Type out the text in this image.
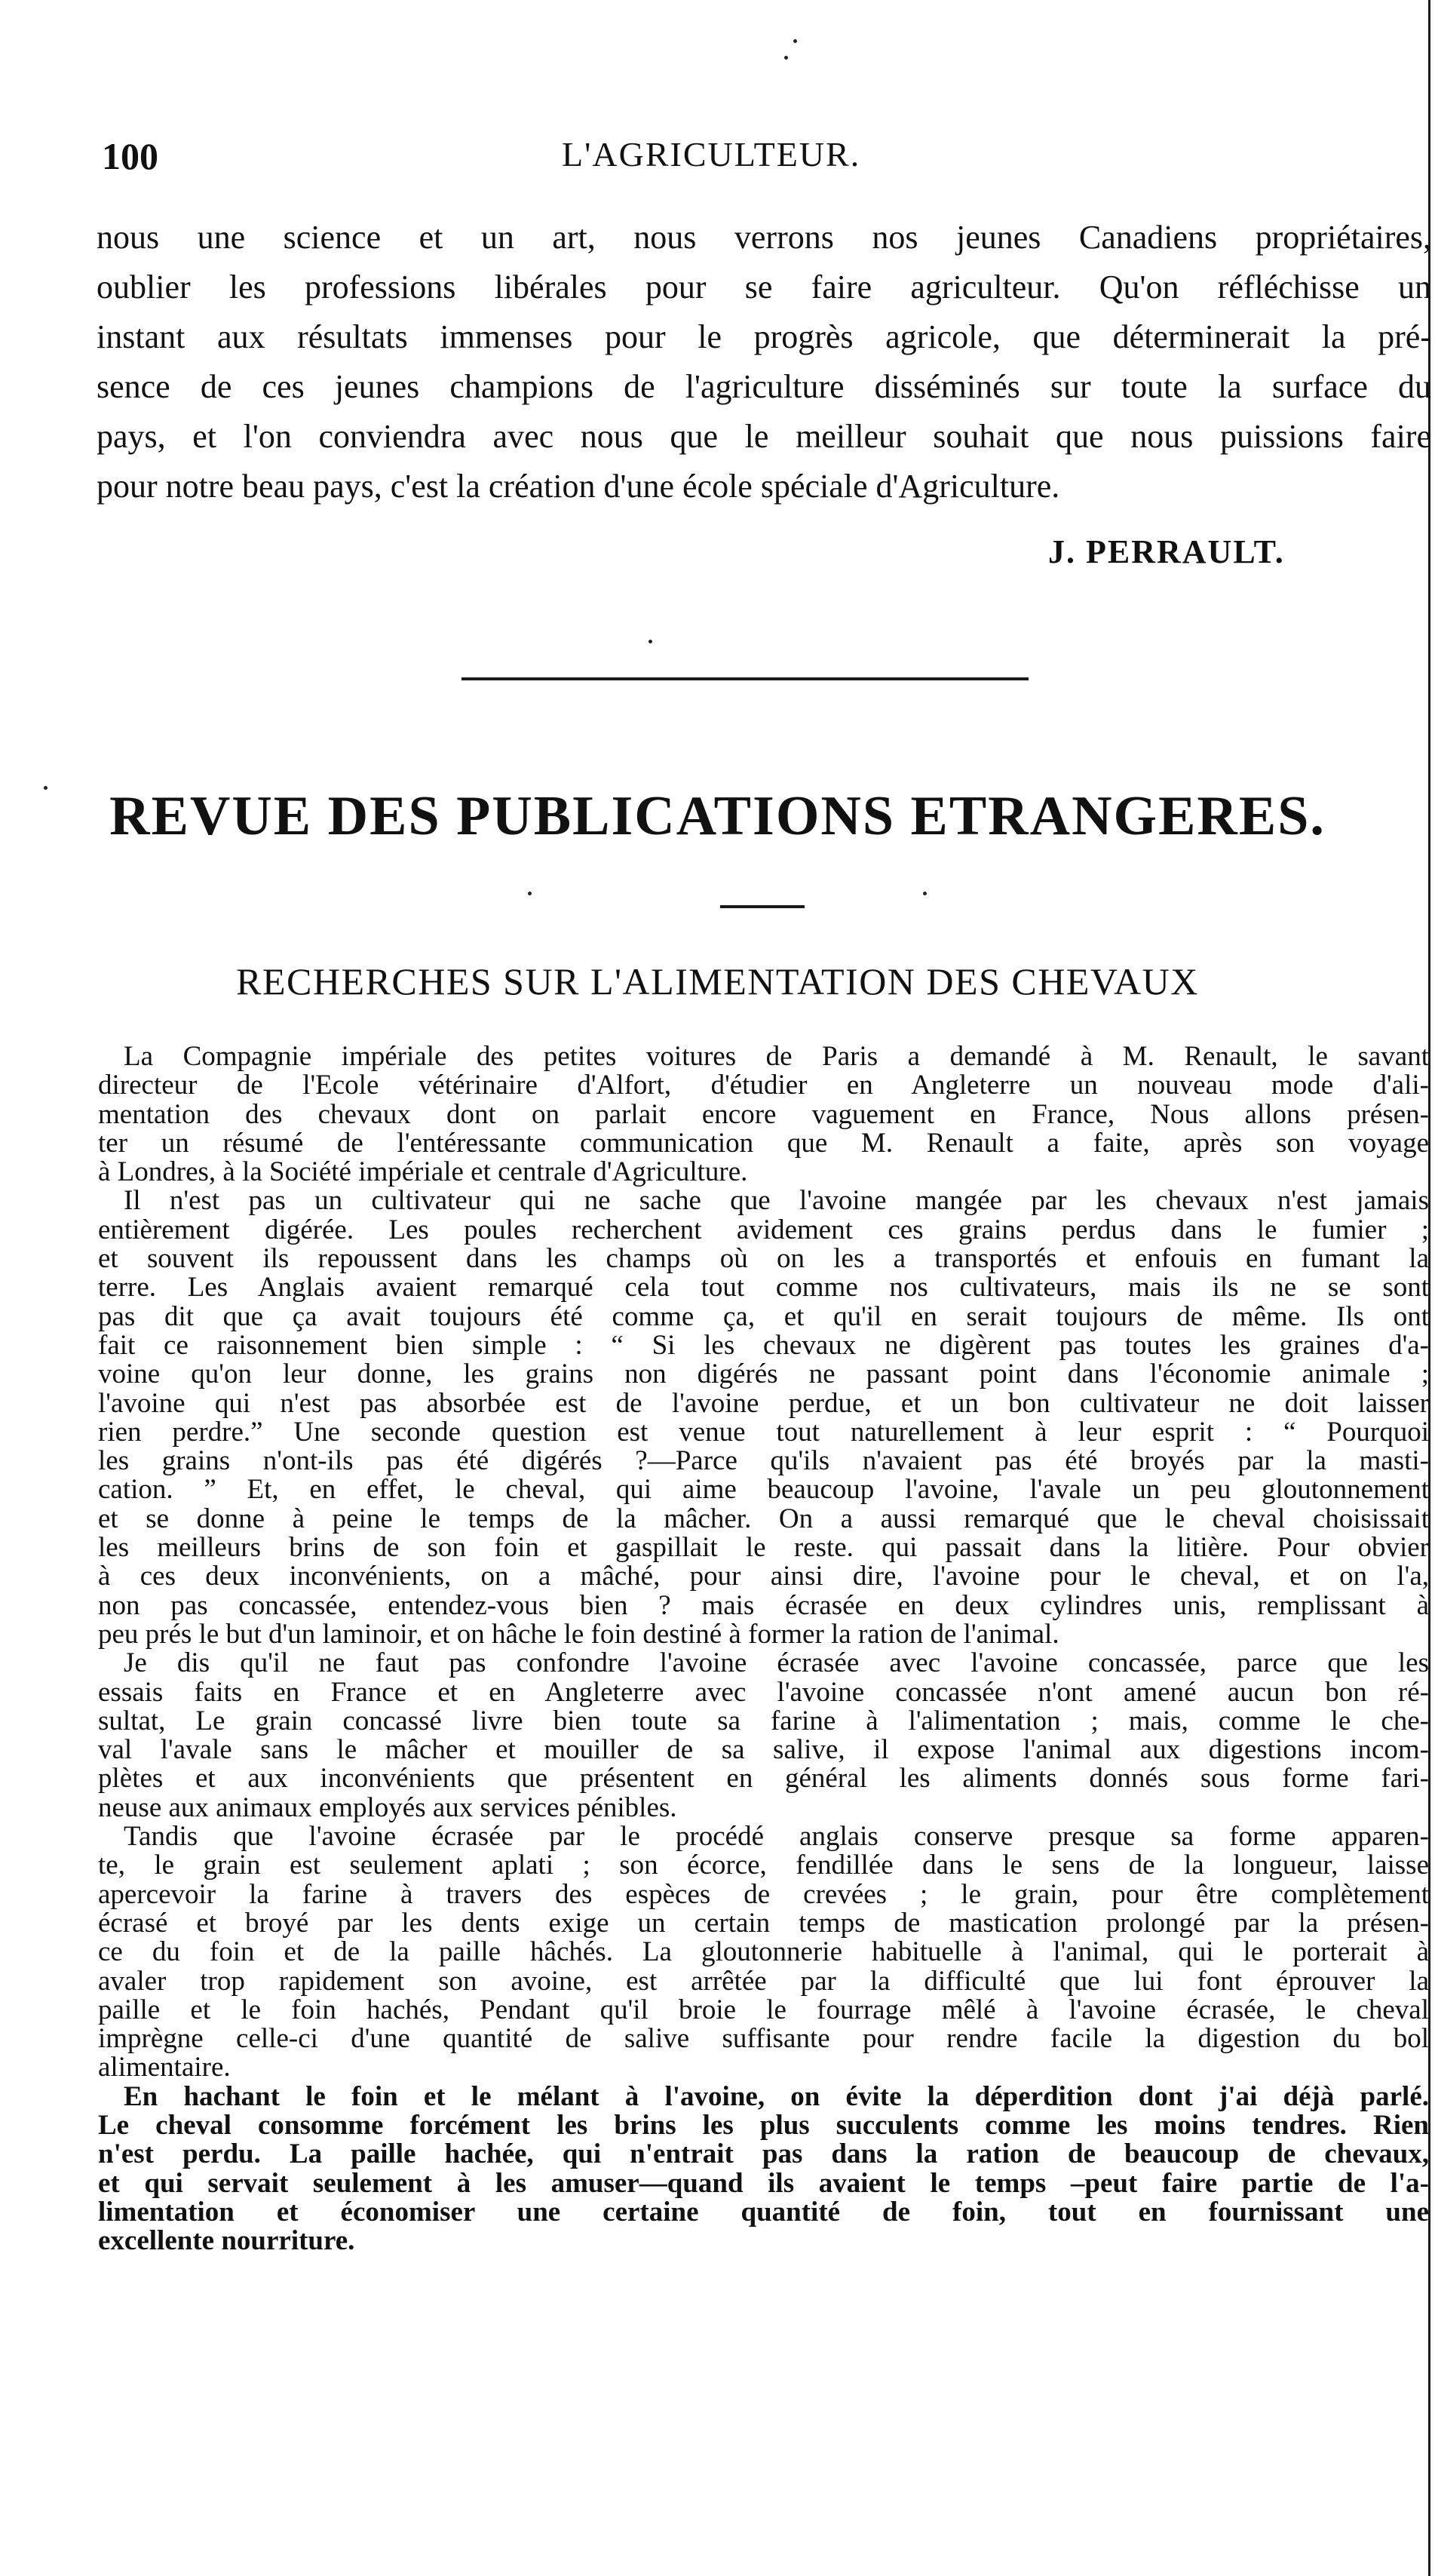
100	L'AGRICULTEUR.
nous une science et un art, nous verrons nos jeunes Canadiens propriétaires,
oublier les professions libérales pour se faire agriculteur. Qu'on réfléchisse un
instant aux résultats immenses pour le progrès agricole, que déterminerait la pré-
sence de ces jeunes champions de l'agriculture disséminés sur toute la surface du
pays, et l'on conviendra avec nous que le meilleur souhait que nous puissions faire
pour notre beau pays, c'est la création d'une école spéciale d'Agriculture.
J. PERRAULT.
REVUE DES PUBLICATIONS ETRANGERES.
RECHERCHES SUR L'ALIMENTATION DES CHEVAUX
La Compagnie impériale des petites voitures de Paris a demandé à M. Renault, le savant
directeur de l'Ecole vétérinaire d'Alfort, d'étudier en Angleterre un nouveau mode d'ali-
mentation des chevaux dont on parlait encore vaguement en France, Nous allons présen-
ter un résumé de l'entéressante communication que M. Renault a faite, après son voyage
à Londres, à la Société impériale et centrale d'Agriculture.
Il n'est pas un cultivateur qui ne sache que l'avoine mangée par les chevaux n'est jamais
entièrement digérée. Les poules recherchent avidement ces grains perdus dans le fumier ;
et souvent ils repoussent dans les champs où on les a transportés et enfouis en fumant la
terre. Les Anglais avaient remarqué cela tout comme nos cultivateurs, mais ils ne se sont
pas dit que ça avait toujours été comme ça, et qu'il en serait toujours de même. Ils ont
fait ce raisonnement bien simple : “ Si les chevaux ne digèrent pas toutes les graines d'a-
voine qu'on leur donne, les grains non digérés ne passant point dans l'économie animale ;
l'avoine qui n'est pas absorbée est de l'avoine perdue, et un bon cultivateur ne doit laisser
rien perdre.” Une seconde question est venue tout naturellement à leur esprit : “ Pourquoi
les grains n'ont-ils pas été digérés ?—Parce qu'ils n'avaient pas été broyés par la masti-
cation. ” Et, en effet, le cheval, qui aime beaucoup l'avoine, l'avale un peu gloutonnement
et se donne à peine le temps de la mâcher. On a aussi remarqué que le cheval choisissait
les meilleurs brins de son foin et gaspillait le reste. qui passait dans la litière. Pour obvier
à ces deux inconvénients, on a mâché, pour ainsi dire, l'avoine pour le cheval, et on l'a,
non pas concassée, entendez-vous bien ? mais écrasée en deux cylindres unis, remplissant à
peu prés le but d'un laminoir, et on hâche le foin destiné à former la ration de l'animal.
Je dis qu'il ne faut pas confondre l'avoine écrasée avec l'avoine concassée, parce que les
essais faits en France et en Angleterre avec l'avoine concassée n'ont amené aucun bon ré-
sultat, Le grain concassé livre bien toute sa farine à l'alimentation ; mais, comme le che-
val l'avale sans le mâcher et mouiller de sa salive, il expose l'animal aux digestions incom-
plètes et aux inconvénients que présentent en général les aliments donnés sous forme fari-
neuse aux animaux employés aux services pénibles.
Tandis que l'avoine écrasée par le procédé anglais conserve presque sa forme apparen-
te, le grain est seulement aplati ; son écorce, fendillée dans le sens de la longueur, laisse
apercevoir la farine à travers des espèces de crevées ; le grain, pour être complètement
écrasé et broyé par les dents exige un certain temps de mastication prolongé par la présen-
ce du foin et de la paille hâchés. La gloutonnerie habituelle à l'animal, qui le porterait à
avaler trop rapidement son avoine, est arrêtée par la difficulté que lui font éprouver la
paille et le foin hachés, Pendant qu'il broie le fourrage mêlé à l'avoine écrasée, le cheval
imprègne celle-ci d'une quantité de salive suffisante pour rendre facile la digestion du bol
alimentaire.
En hachant le foin et le mélant à l'avoine, on évite la déperdition dont j'ai déjà parlé.
Le cheval consomme forcément les brins les plus succulents comme les moins tendres. Rien
n'est perdu. La paille hachée, qui n'entrait pas dans la ration de beaucoup de chevaux,
et qui servait seulement à les amuser—quand ils avaient le temps –peut faire partie de l'a-
limentation et économiser une certaine quantité de foin, tout en fournissant une
excellente nourriture.
